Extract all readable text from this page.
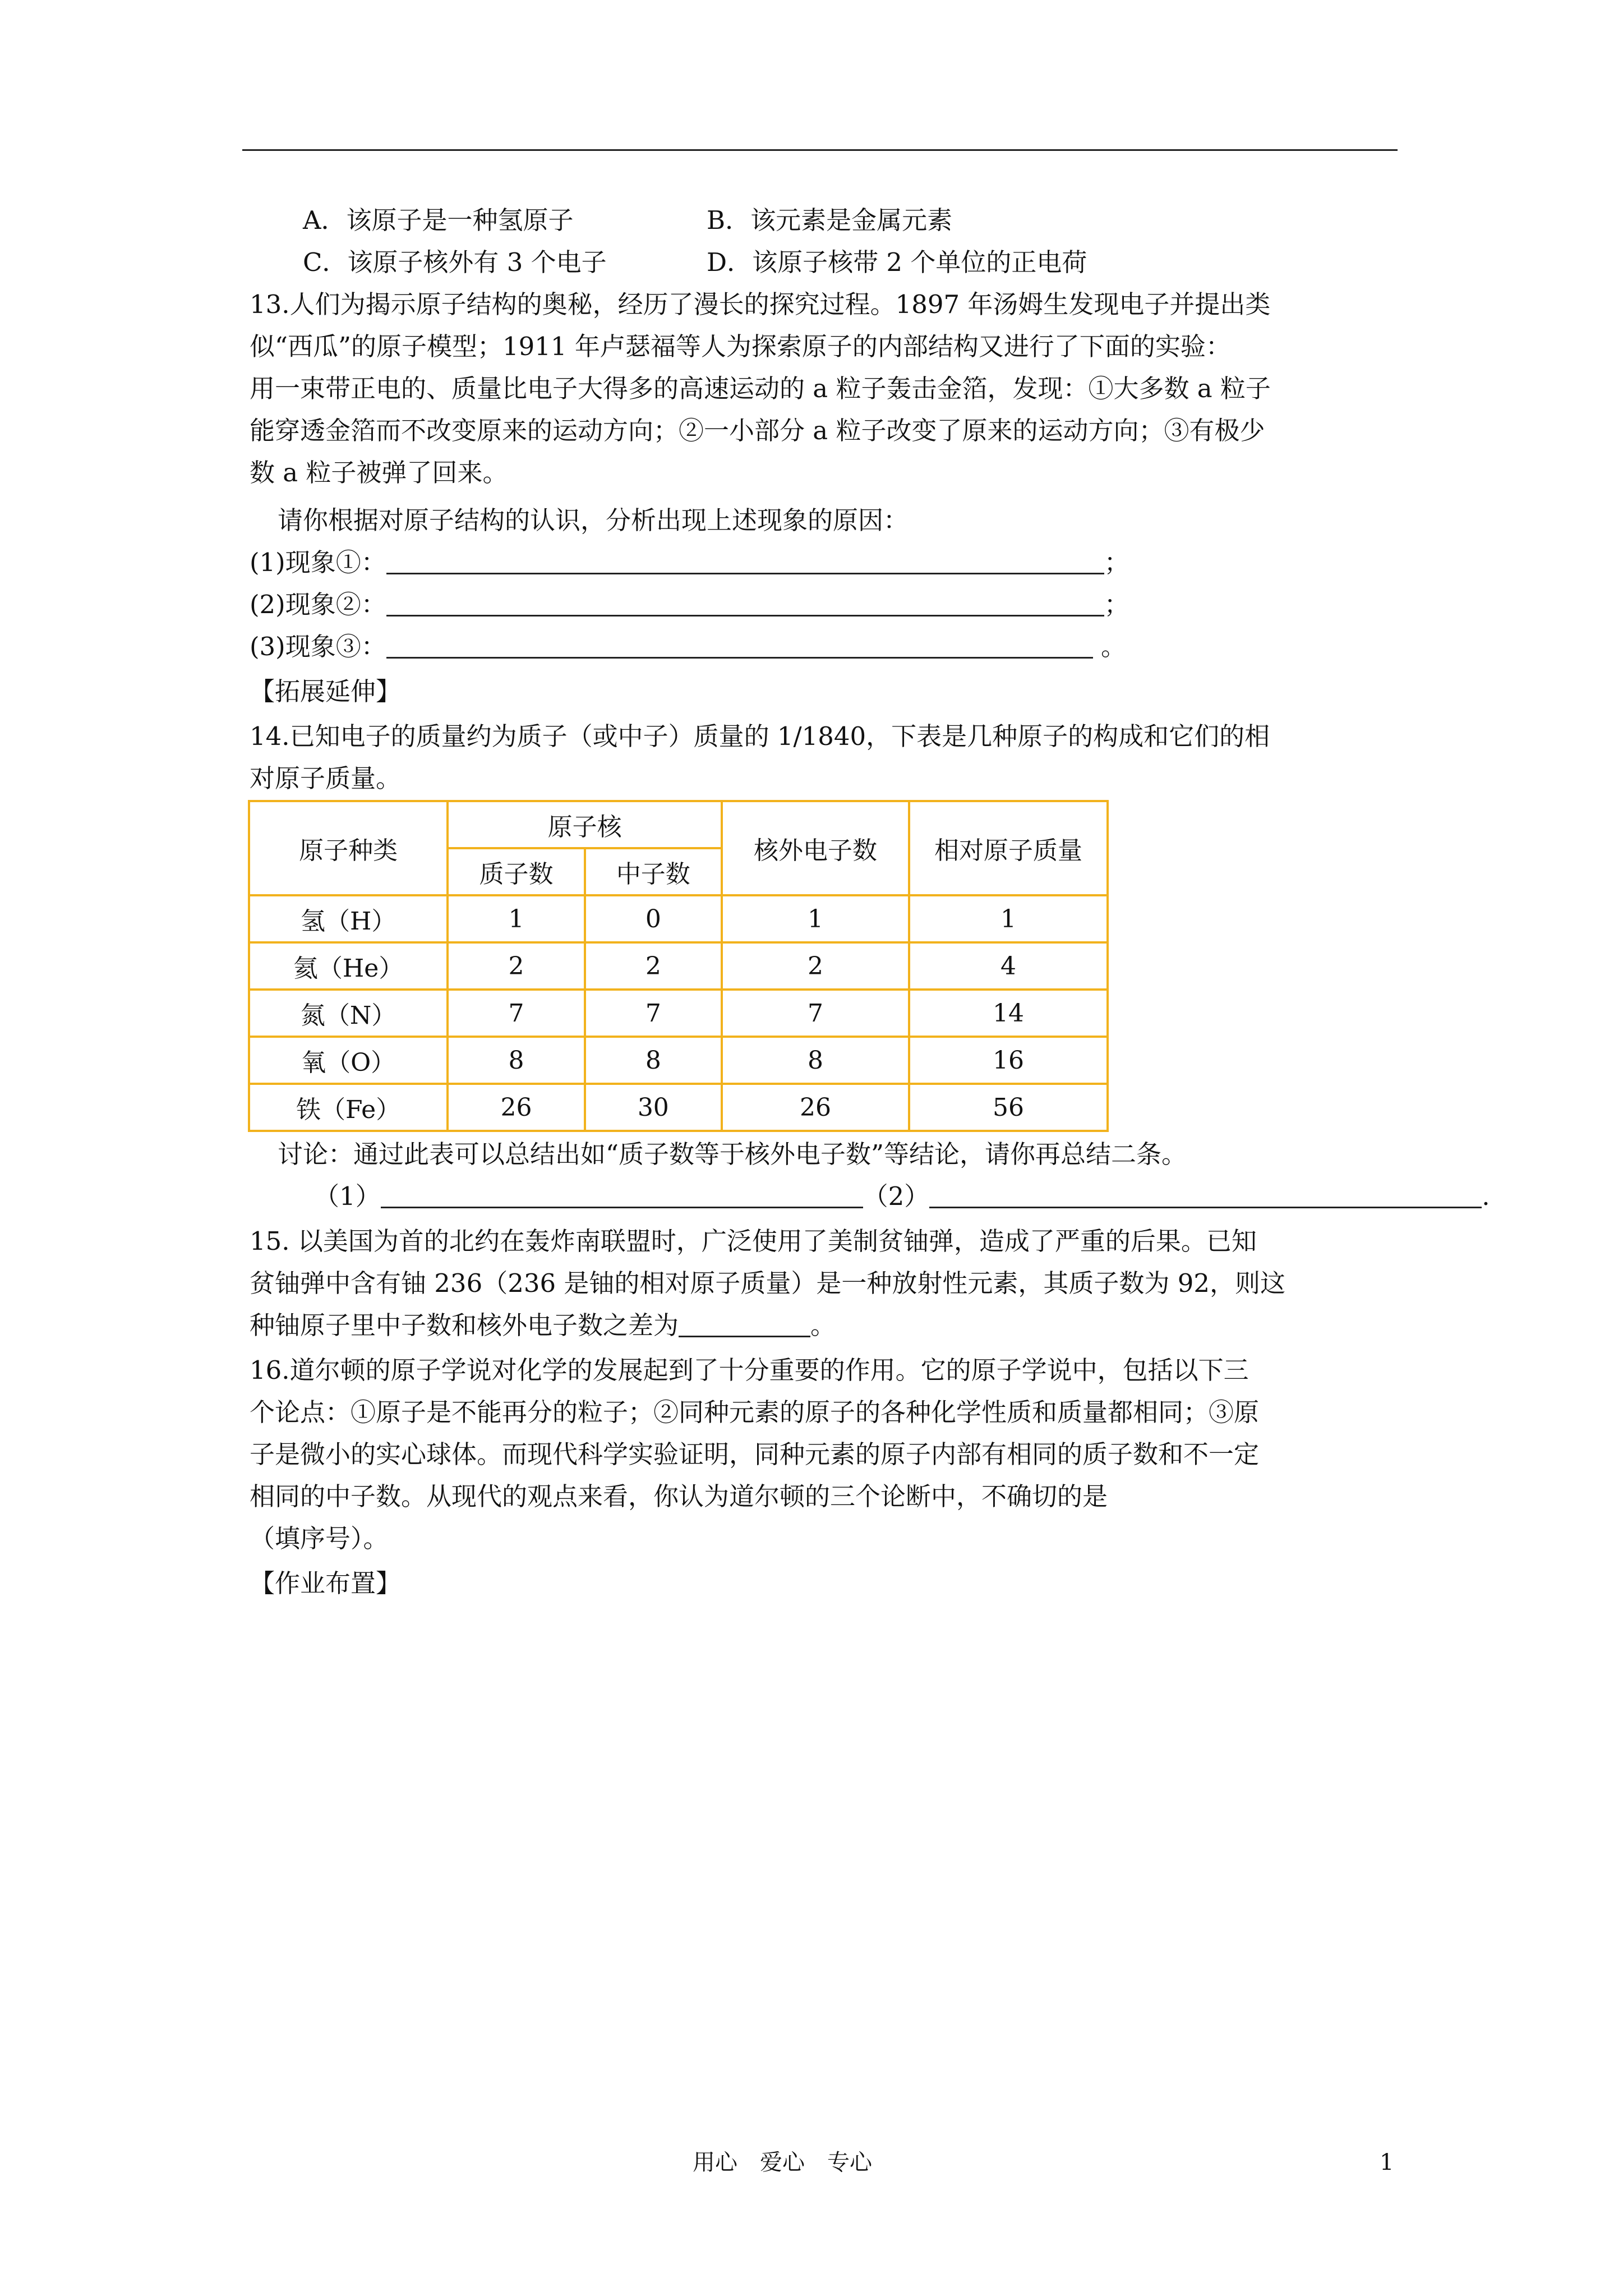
A．该原子是一种氢原子	B．该元素是金属元素
C．该原子核外有 3 个电子	D．该原子核带 2 个单位的正电荷
13.人们为揭示原子结构的奥秘，经历了漫长的探究过程。1897 年汤姆生发现电子并提出类
似“西瓜”的原子模型；1911 年卢瑟福等人为探索原子的内部结构又进行了下面的实验：
用一束带正电的、质量比电子大得多的高速运动的 a 粒子轰击金箔，发现：①大多数 a 粒子
能穿透金箔而不改变原来的运动方向；②一小部分 a 粒子改变了原来的运动方向；③有极少
数 a 粒子被弹了回来。
请你根据对原子结构的认识，分析出现上述现象的原因：
(1)现象①：	；
(2)现象②：	；
(3)现象③：	。
【拓展延伸】
14.已知电子的质量约为质子（或中子）质量的 1/1840，下表是几种原子的构成和它们的相
对原子质量。
原子种类	原子核		核外电子数	相对原子质量
	质子数	中子数		
氢（H）	1	0	1	1
氦（He）	2	2	2	4
氮（N）	7	7	7	14
氧（O）	8	8	8	16
铁（Fe）	26	30	26	56
讨论：通过此表可以总结出如“质子数等于核外电子数”等结论，请你再总结二条。
（1）	（2）	.
15. 以美国为首的北约在轰炸南联盟时，广泛使用了美制贫铀弹，造成了严重的后果。已知
贫铀弹中含有铀 236（236 是铀的相对原子质量）是一种放射性元素，其质子数为 92，则这
种铀原子里中子数和核外电子数之差为	。
16.道尔顿的原子学说对化学的发展起到了十分重要的作用。它的原子学说中，包括以下三
个论点：①原子是不能再分的粒子；②同种元素的原子的各种化学性质和质量都相同；③原
子是微小的实心球体。而现代科学实验证明，同种元素的原子内部有相同的质子数和不一定
相同的中子数。从现代的观点来看，你认为道尔顿的三个论断中，不确切的是
（填序号）。
【作业布置】
用心　爱心　专心	1
